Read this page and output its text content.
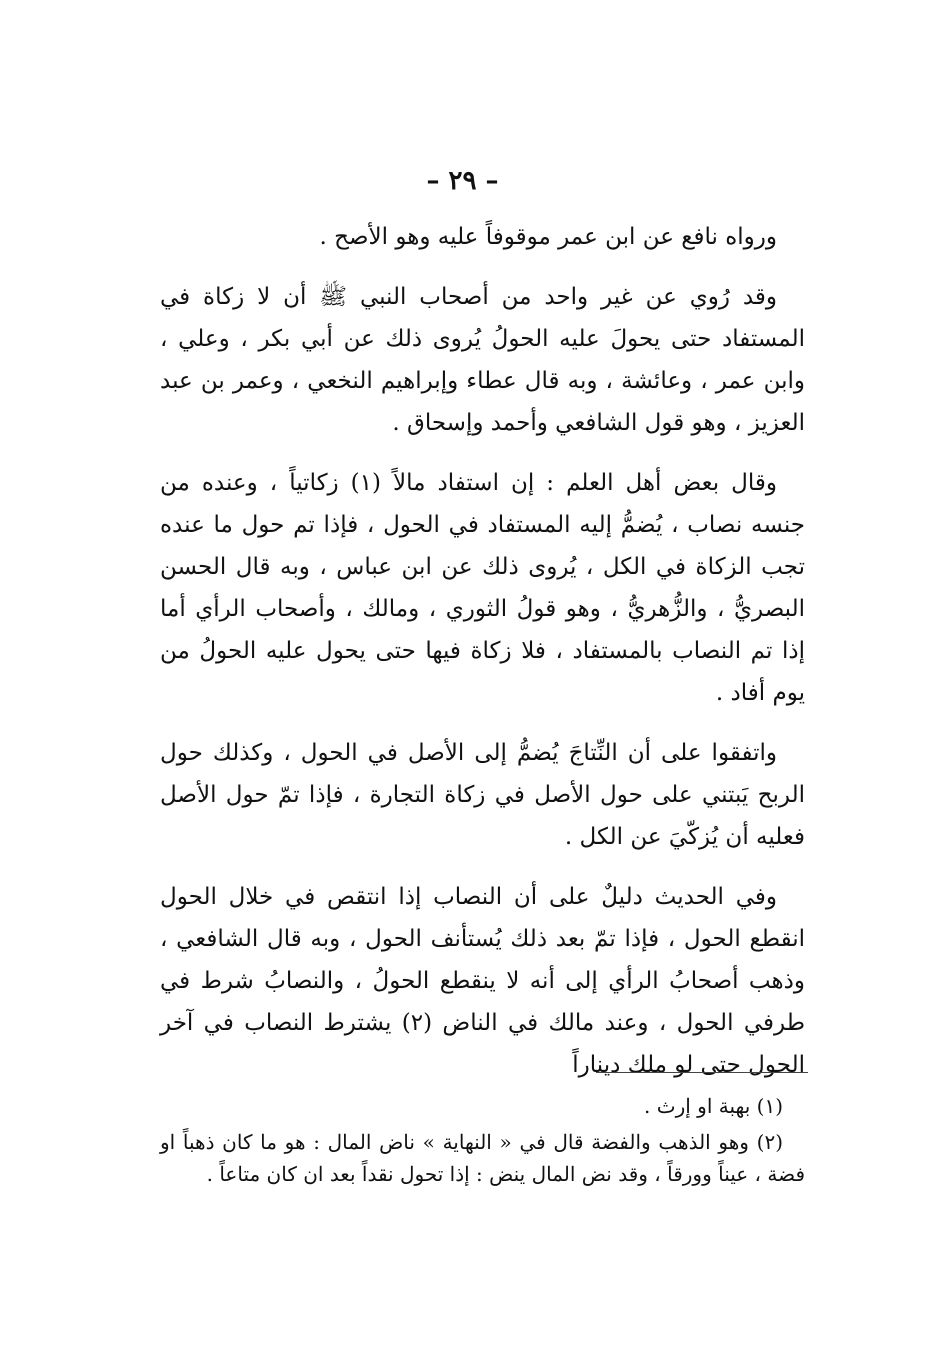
– ٢٩ –

ورواه نافع عن ابن عمر موقوفاً عليه وهو الأصح .

وقد رُوي عن غير واحد من أصحاب النبي ﷺ أن لا زكاة في المستفاد حتى يحولَ عليه الحولُ يُروى ذلك عن أبي بكر ، وعلي ، وابن عمر ، وعائشة ، وبه قال عطاء وإبراهيم النخعي ، وعمر بن عبد العزيز ، وهو قول الشافعي وأحمد وإسحاق .

وقال بعض أهل العلم : إن استفاد مالاً (١) زكاتياً ، وعنده من جنسه نصاب ، يُضمُّ إليه المستفاد في الحول ، فإذا تم حول ما عنده تجب الزكاة في الكل ، يُروى ذلك عن ابن عباس ، وبه قال الحسن البصريُّ ، والزُّهريُّ ، وهو قولُ الثوري ، ومالك ، وأصحاب الرأي أما إذا تم النصاب بالمستفاد ، فلا زكاة فيها حتى يحول عليه الحولُ من يوم أفاد .

واتفقوا على أن النِّتاجَ يُضمُّ إلى الأصل في الحول ، وكذلك حول الربح يَبتني على حول الأصل في زكاة التجارة ، فإذا تمّ حول الأصل فعليه أن يُزكّيَ عن الكل .

وفي الحديث دليلٌ على أن النصاب إذا انتقص في خلال الحول انقطع الحول ، فإذا تمّ بعد ذلك يُستأنف الحول ، وبه قال الشافعي ، وذهب أصحابُ الرأي إلى أنه لا ينقطع الحولُ ، والنصابُ شرط في طرفي الحول ، وعند مالك في الناض (٢) يشترط النصاب في آخر الحول حتى لو ملك ديناراً

(١) بهبة او إرث .

(٢) وهو الذهب والفضة قال في « النهاية » ناض المال : هو ما كان ذهباً او فضة ، عيناً وورقاً ، وقد نض المال ينض : إذا تحول نقداً بعد ان كان متاعاً .
